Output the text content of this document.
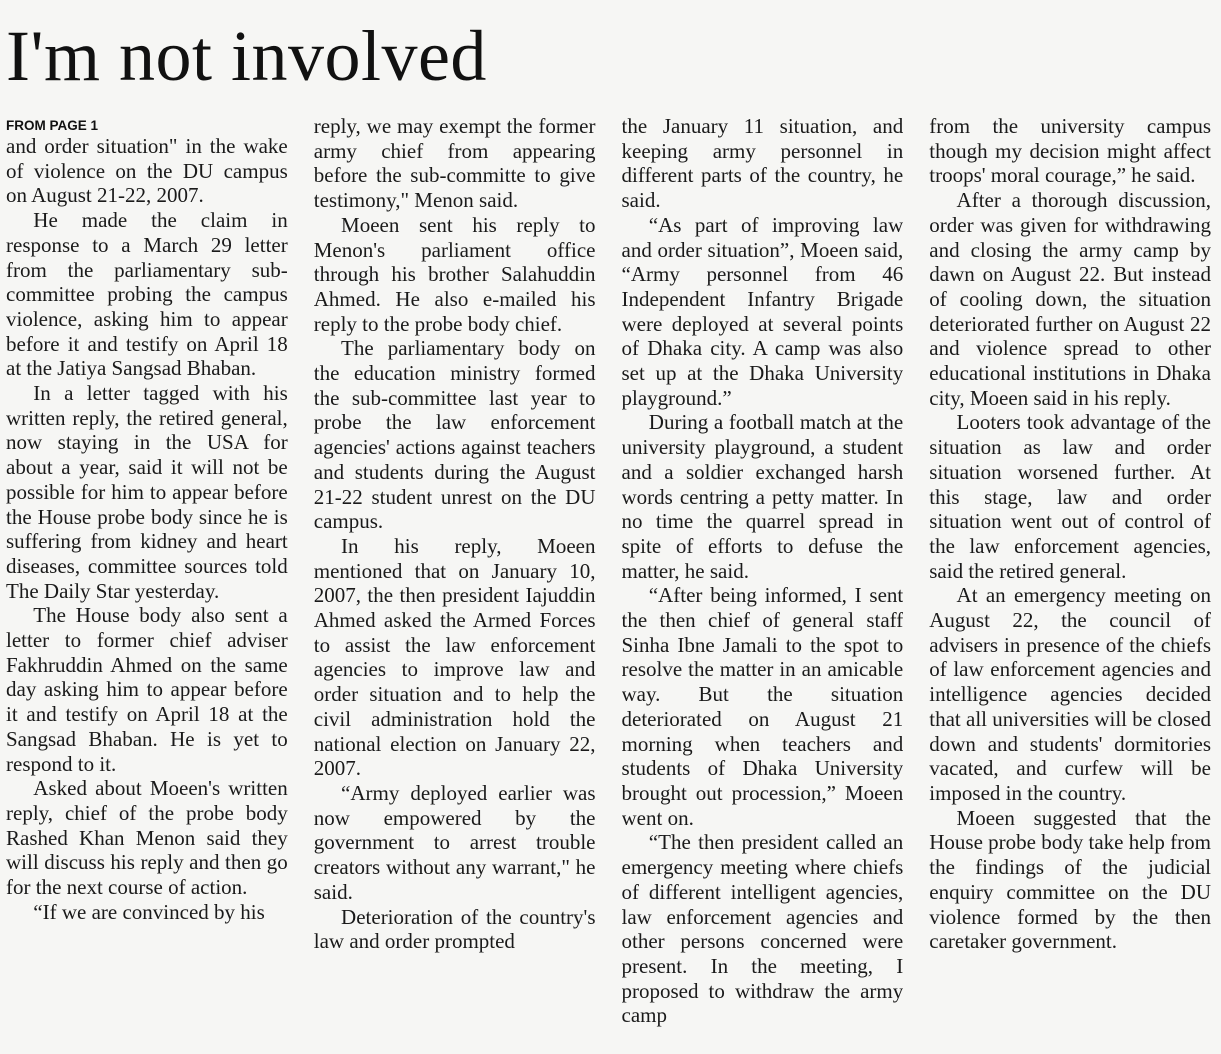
I'm not involved
FROM PAGE 1

and order situation" in the wake of violence on the DU campus on August 21-22, 2007.

He made the claim in response to a March 29 letter from the parliamentary sub-committee probing the campus violence, asking him to appear before it and testify on April 18 at the Jatiya Sangsad Bhaban.

In a letter tagged with his written reply, the retired general, now staying in the USA for about a year, said it will not be possible for him to appear before the House probe body since he is suffering from kidney and heart diseases, committee sources told The Daily Star yesterday.

The House body also sent a letter to former chief adviser Fakhruddin Ahmed on the same day asking him to appear before it and testify on April 18 at the Sangsad Bhaban. He is yet to respond to it.

Asked about Moeen's written reply, chief of the probe body Rashed Khan Menon said they will discuss his reply and then go for the next course of action.

“If we are convinced by his

reply, we may exempt the former army chief from appearing before the sub-committe to give testimony," Menon said.

Moeen sent his reply to Menon's parliament office through his brother Salahuddin Ahmed. He also e-mailed his reply to the probe body chief.

The parliamentary body on the education ministry formed the sub-committee last year to probe the law enforcement agencies' actions against teachers and students during the August 21-22 student unrest on the DU campus.

In his reply, Moeen mentioned that on January 10, 2007, the then president Iajuddin Ahmed asked the Armed Forces to assist the law enforcement agencies to improve law and order situation and to help the civil administration hold the national election on January 22, 2007.

“Army deployed earlier was now empowered by the government to arrest trouble creators without any warrant," he said.

Deterioration of the country's law and order prompted

the January 11 situation, and keeping army personnel in different parts of the country, he said.

“As part of improving law and order situation”, Moeen said, “Army personnel from 46 Independent Infantry Brigade were deployed at several points of Dhaka city. A camp was also set up at the Dhaka University playground.”

During a football match at the university playground, a student and a soldier exchanged harsh words centring a petty matter. In no time the quarrel spread in spite of efforts to defuse the matter, he said.

“After being informed, I sent the then chief of general staff Sinha Ibne Jamali to the spot to resolve the matter in an amicable way. But the situation deteriorated on August 21 morning when teachers and students of Dhaka University brought out procession,” Moeen went on.

“The then president called an emergency meeting where chiefs of different intelligent agencies, law enforcement agencies and other persons concerned were present. In the meeting, I proposed to withdraw the army camp

from the university campus though my decision might affect troops' moral courage,” he said.

After a thorough discussion, order was given for withdrawing and closing the army camp by dawn on August 22. But instead of cooling down, the situation deteriorated further on August 22 and violence spread to other educational institutions in Dhaka city, Moeen said in his reply.

Looters took advantage of the situation as law and order situation worsened further. At this stage, law and order situation went out of control of the law enforcement agencies, said the retired general.

At an emergency meeting on August 22, the council of advisers in presence of the chiefs of law enforcement agencies and intelligence agencies decided that all universities will be closed down and students' dormitories vacated, and curfew will be imposed in the country.

Moeen suggested that the House probe body take help from the findings of the judicial enquiry committee on the DU violence formed by the then caretaker government.
